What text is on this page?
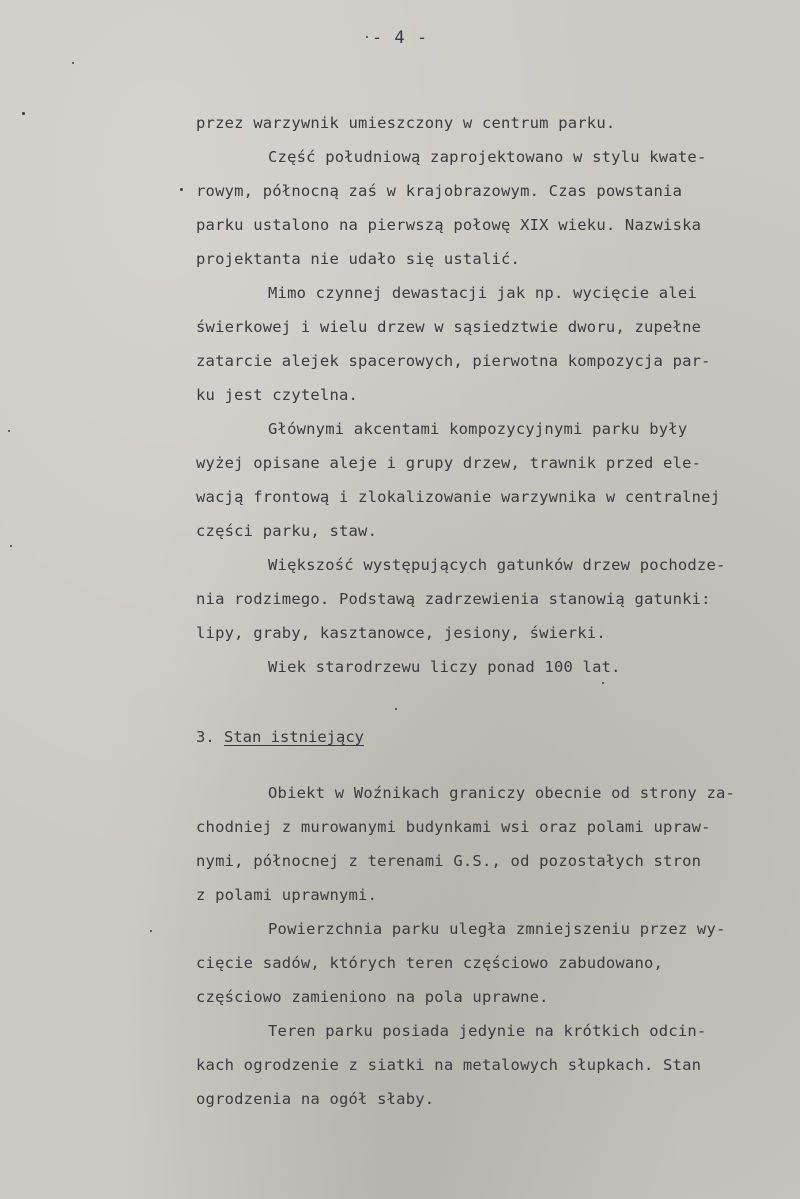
- 4 -
przez warzywnik umieszczony w centrum parku.
Część południową zaprojektowano w stylu kwate-
rowym, północną zaś w krajobrazowym. Czas powstania
parku ustalono na pierwszą połowę XIX wieku. Nazwiska
projektanta nie udało się ustalić.
Mimo czynnej dewastacji jak np. wycięcie alei
świerkowej i wielu drzew w sąsiedztwie dworu, zupełne
zatarcie alejek spacerowych, pierwotna kompozycja par-
ku jest czytelna.
Głównymi akcentami kompozycyjnymi parku były
wyżej opisane aleje i grupy drzew, trawnik przed ele-
wacją frontową i zlokalizowanie warzywnika w centralnej
części parku, staw.
Większość występujących gatunków drzew pochodze-
nia rodzimego. Podstawą zadrzewienia stanowią gatunki:
lipy, graby, kasztanowce, jesiony, świerki.
Wiek starodrzewu liczy ponad 100 lat.
3. Stan istniejący
Obiekt w Woźnikach graniczy obecnie od strony za-
chodniej z murowanymi budynkami wsi oraz polami upraw-
nymi, północnej z terenami G.S., od pozostałych stron
z polami uprawnymi.
Powierzchnia parku uległa zmniejszeniu przez wy-
cięcie sadów, których teren częściowo zabudowano,
częściowo zamieniono na pola uprawne.
Teren parku posiada jedynie na krótkich odcin-
kach ogrodzenie z siatki na metalowych słupkach. Stan
ogrodzenia na ogół słaby.
